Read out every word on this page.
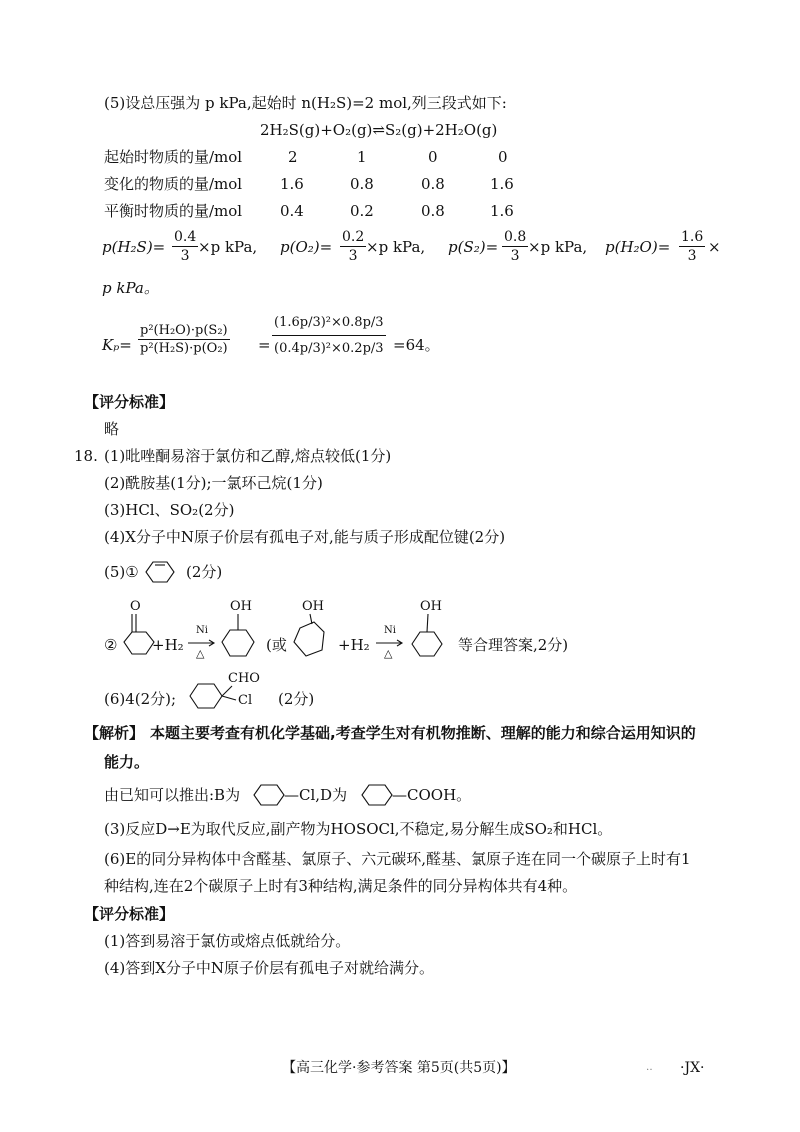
(5)设总压强为 p kPa,起始时 n(H₂S)=2 mol,列三段式如下:
2H₂S(g)+O₂(g)⇌S₂(g)+2H₂O(g)
起始时物质的量/mol	2	1	0	0
变化的物质的量/mol	1.6	0.8	0.8	1.6
平衡时物质的量/mol	0.4	0.2	0.8	1.6
$p(H_2S)= \frac{0.4}{3} \times p$ kPa, $p(O_2)= \frac{0.2}{3} \times p$ kPa, $p(S_2)= \frac{0.8}{3} \times p$ kPa, $p(H_2O)= \frac{1.6}{3}$ ×
p kPa。
$K_p= \frac{\text{p²(H₂O)·p(S₂)}}{\text{p²(H₂S)·p(O₂)}} = \frac{\text{(1.6p/3)²×0.8p/3}}{\text{(0.4p/3)²×0.2p/3}} =64$。
【评分标准】
略
18. (1)吡唑酮易溶于氯仿和乙醇,熔点较低(1分)
(2)酰胺基(1分);一氯环己烷(1分)
(3)HCl、SO₂(2分)
(4)X分子中N原子价层有孤电子对,能与质子形成配位键(2分)
(5)①	(2分)
②
O
+H₂
Ni
△
OH
(或
OH
+H₂
Ni
△
OH
等合理答案,2分)
(6)4(2分);
CHO
Cl (2分)
【解析】 本题主要考查有机化学基础,考查学生对有机物推断、理解的能力和综合运用知识的
能力。
由已知可以推出:B为	—Cl,D为	—COOH。
(3)反应D→E为取代反应,副产物为HOSOCl,不稳定,易分解生成SO₂和HCl。
(6)E的同分异构体中含醛基、氯原子、六元碳环,醛基、氯原子连在同一个碳原子上时有1
种结构,连在2个碳原子上时有3种结构,满足条件的同分异构体共有4种。
【评分标准】
(1)答到易溶于氯仿或熔点低就给分。
(4)答到X分子中N原子价层有孤电子对就给满分。
【高三化学·参考答案 第5页(共5页)】	‥ ·JX·
